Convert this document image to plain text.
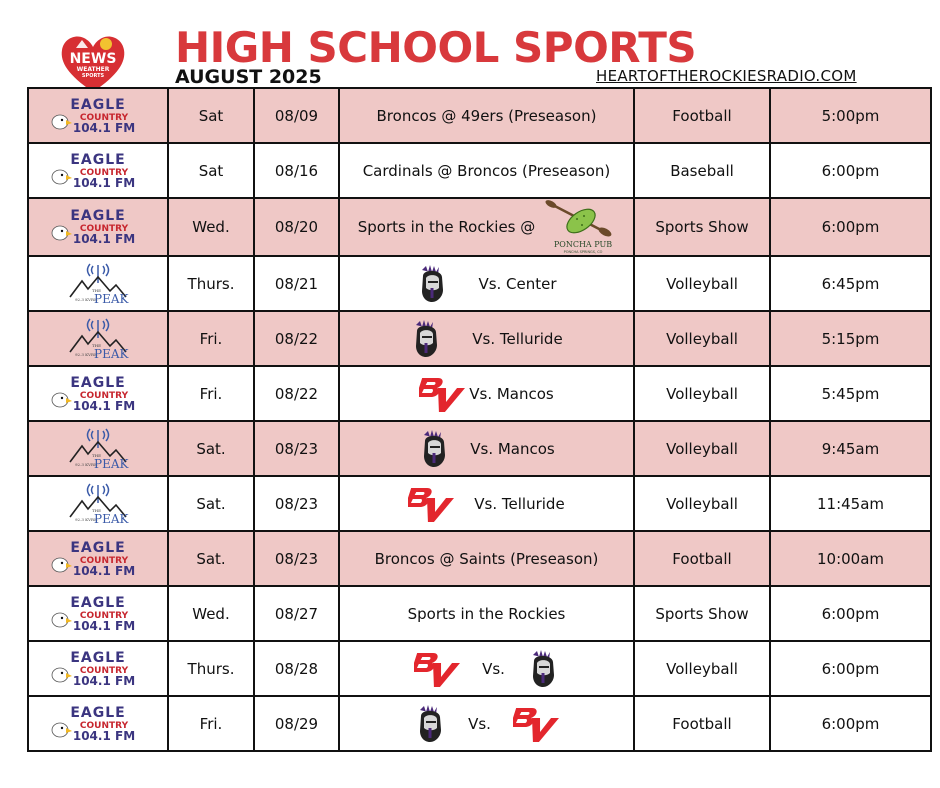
NEWS
WEATHER
SPORTS
HIGH SCHOOL SPORTS
AUGUST 2025	HEARTOFTHEROCKIESRADIO.COM
EAGLE
COUNTRY
104.1 FM	Sat	08/09	Broncos @ 49ers (Preseason)	Football	5:00pm

EAGLE
COUNTRY
104.1 FM	Sat	08/16	Cardinals @ Broncos (Preseason)	Baseball	6:00pm

EAGLE
COUNTRY
104.1 FM	Wed.	08/20	Sports in the Rockies @
PONCHA PUB
PONCHA SPRINGS, CO	Sports Show	6:00pm

92.3 KVRH
THE
PEAK	Thurs.	08/21	Vs. Center	Volleyball	6:45pm

92.3 KVRH
THE
PEAK	Fri.	08/22	Vs. Telluride	Volleyball	5:15pm

EAGLE
COUNTRY
104.1 FM	Fri.	08/22	Vs. Mancos	Volleyball	5:45pm

92.3 KVRH
THE
PEAK	Sat.	08/23	Vs. Mancos	Volleyball	9:45am

92.3 KVRH
THE
PEAK	Sat.	08/23	Vs. Telluride	Volleyball	11:45am

EAGLE
COUNTRY
104.1 FM	Sat.	08/23	Broncos @ Saints (Preseason)	Football	10:00am

EAGLE
COUNTRY
104.1 FM	Wed.	08/27	Sports in the Rockies	Sports Show	6:00pm

EAGLE
COUNTRY
104.1 FM	Thurs.	08/28	Vs.	Volleyball	6:00pm

EAGLE
COUNTRY
104.1 FM	Fri.	08/29	Vs.	Football	6:00pm
